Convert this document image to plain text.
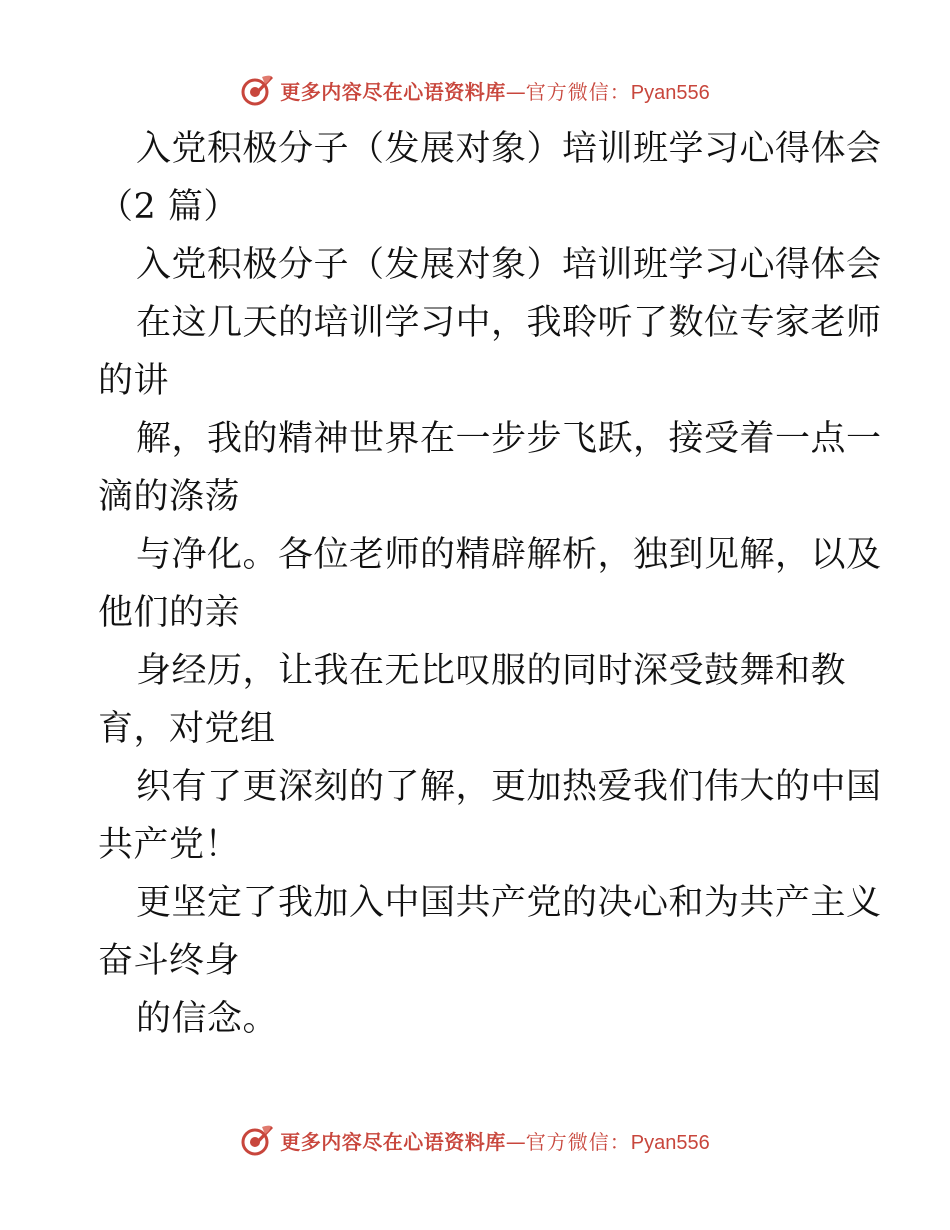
更多内容尽在心语资料库 — 官方微信： Pyan556
入党积极分子（发展对象）培训班学习心得体会
（2 篇）
入党积极分子（发展对象）培训班学习心得体会
在这几天的培训学习中，我聆听了数位专家老师
的讲
解，我的精神世界在一步步飞跃，接受着一点一
滴的涤荡
与净化。各位老师的精辟解析，独到见解，以及
他们的亲
身经历，让我在无比叹服的同时深受鼓舞和教
育，对党组
织有了更深刻的了解，更加热爱我们伟大的中国
共产党！
更坚定了我加入中国共产党的决心和为共产主义
奋斗终身
的信念。
更多内容尽在心语资料库 — 官方微信： Pyan556
